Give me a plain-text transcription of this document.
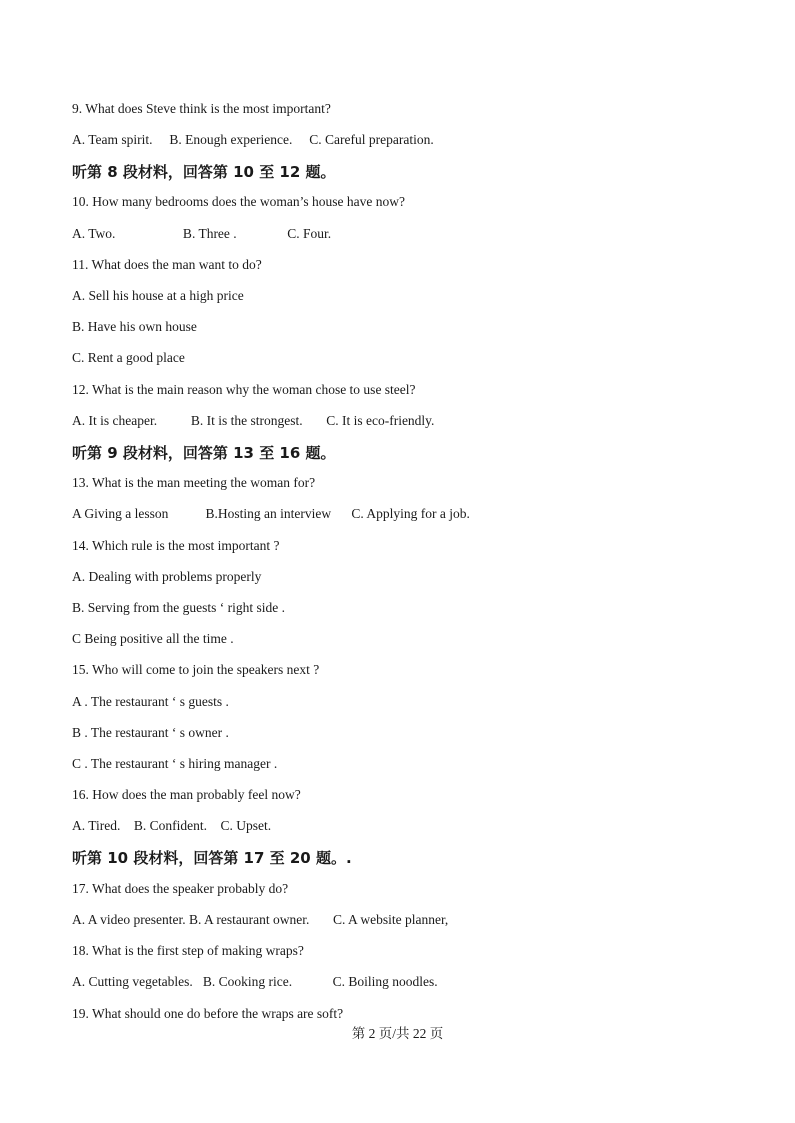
9. What does Steve think is the most important?
A. Team spirit.     B. Enough experience.     C. Careful preparation.
听第 8 段材料，回答第 10 至 12 题。
10. How many bedrooms does the woman’s house have now?
A. Two.                    B. Three .               C. Four.
11. What does the man want to do?
A. Sell his house at a high price
B. Have his own house
C. Rent a good place
12. What is the main reason why the woman chose to use steel?
A. It is cheaper.          B. It is the strongest.       C. It is eco-friendly.
听第 9 段材料，回答第 13 至 16 题。
13. What is the man meeting the woman for?
A Giving a lesson           B.Hosting an interview      C. Applying for a job.
14. Which rule is the most important ?
A. Dealing with problems properly
B. Serving from the guests ‘ right side .
C Being positive all the time .
15. Who will come to join the speakers next ?
A . The restaurant ‘ s guests .
B . The restaurant ‘ s owner .
C . The restaurant ‘ s hiring manager .
16. How does the man probably feel now?
A. Tired.    B. Confident.    C. Upset.
听第 10 段材料，回答第 17 至 20 题。.
17. What does the speaker probably do?
A. A video presenter. B. A restaurant owner.       C. A website planner,
18. What is the first step of making wraps?
A. Cutting vegetables.   B. Cooking rice.            C. Boiling noodles.
19. What should one do before the wraps are soft?
第 2 页/共 22 页
